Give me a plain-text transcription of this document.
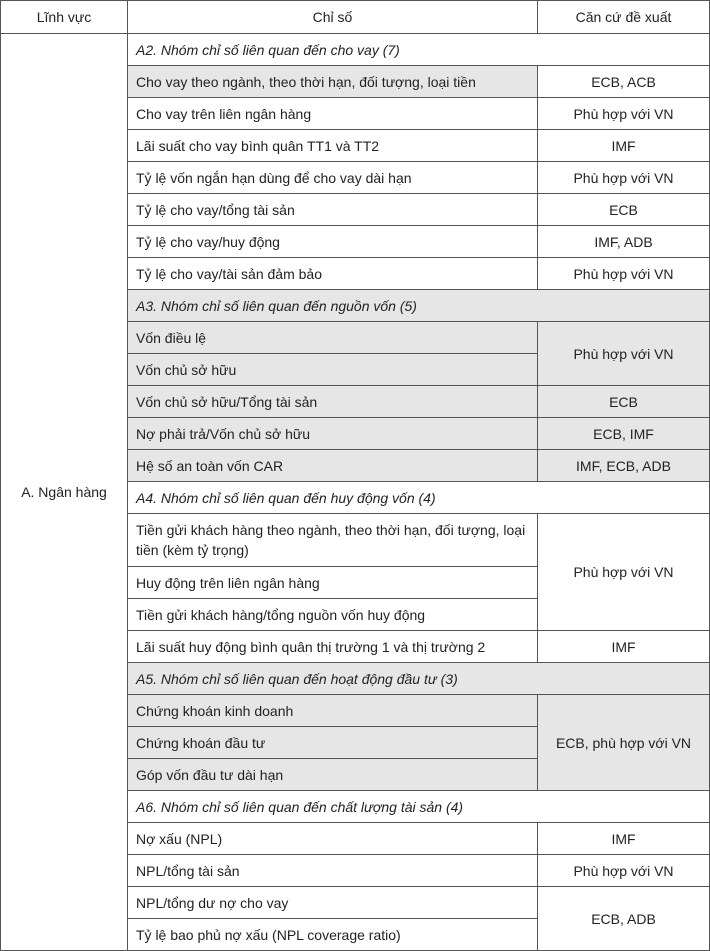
Lĩnh vực	Chỉ số	Căn cứ đề xuất
A. Ngân hàng	A2. Nhóm chỉ số liên quan đến cho vay (7)	
	Cho vay theo ngành, theo thời hạn, đối tượng, loại tiền	ECB, ACB
	Cho vay trên liên ngân hàng	Phù hợp với VN
	Lãi suất cho vay bình quân TT1 và TT2	IMF
	Tỷ lệ vốn ngắn hạn dùng để cho vay dài hạn	Phù hợp với VN
	Tỷ lệ cho vay/tổng tài sản	ECB
	Tỷ lệ cho vay/huy động	IMF, ADB
	Tỷ lệ cho vay/tài sản đảm bảo	Phù hợp với VN
	A3. Nhóm chỉ số liên quan đến nguồn vốn (5)	
	Vốn điều lệ	Phù hợp với VN
	Vốn chủ sở hữu	
	Vốn chủ sở hữu/Tổng tài sản	ECB
	Nợ phải trả/Vốn chủ sở hữu	ECB, IMF
	Hệ số an toàn vốn CAR	IMF, ECB, ADB
	A4. Nhóm chỉ số liên quan đến huy động vốn (4)	
	Tiền gửi khách hàng theo ngành, theo thời hạn, đối tượng, loại tiền (kèm tỷ trọng)	Phù hợp với VN
	Huy động trên liên ngân hàng	
	Tiền gửi khách hàng/tổng nguồn vốn huy động	
	Lãi suất huy động bình quân thị trường 1 và thị trường 2	IMF
	A5. Nhóm chỉ số liên quan đến hoạt động đầu tư (3)	
	Chứng khoán kinh doanh	ECB, phù hợp với VN
	Chứng khoán đầu tư	
	Góp vốn đầu tư dài hạn	
	A6. Nhóm chỉ số liên quan đến chất lượng tài sản (4)	
	Nợ xấu (NPL)	IMF
	NPL/tổng tài sản	Phù hợp với VN
	NPL/tổng dư nợ cho vay	ECB, ADB
	Tỷ lệ bao phủ nợ xấu (NPL coverage ratio)	
